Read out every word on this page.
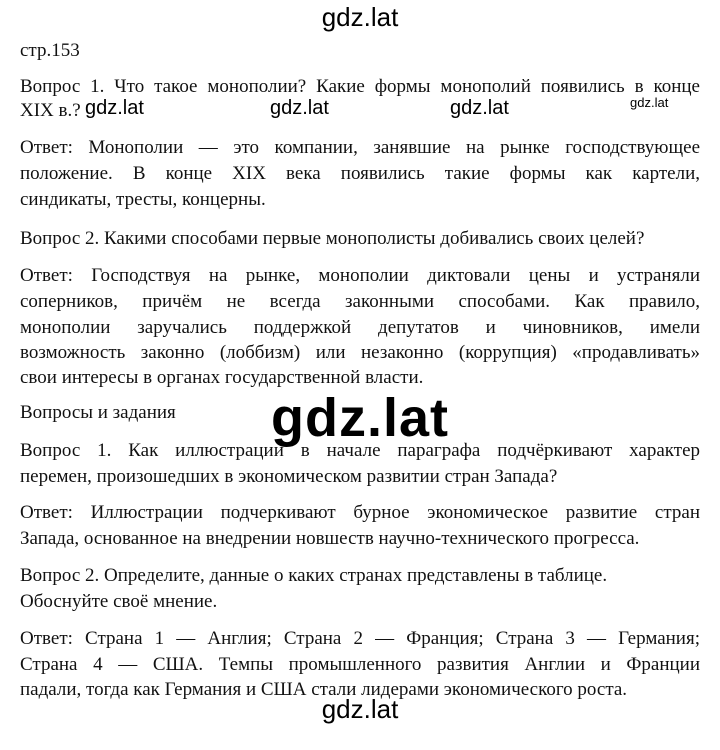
gdz.lat
стр.153
Вопрос 1. Что такое монополии? Какие формы монополий появились в конце
XIX в.? gdz.lat	gdz.lat	gdz.lat	gdz.lat
Ответ: Монополии — это компании, занявшие на рынке господствующее
положение. В конце XIX века появились такие формы как картели,
синдикаты, тресты, концерны.
Вопрос 2. Какими способами первые монополисты добивались своих целей?
Ответ: Господствуя на рынке, монополии диктовали цены и устраняли
соперников, причём не всегда законными способами. Как правило,
монополии заручались поддержкой депутатов и чиновников, имели
возможность законно (лоббизм) или незаконно (коррупция) «продавливать»
свои интересы в органах государственной власти.
Вопросы и задания
Вопрос 1. Как иллюстрации в начале параграфа подчёркивают характер
перемен, произошедших в экономическом развитии стран Запада?
Ответ: Иллюстрации подчеркивают бурное экономическое развитие стран
Запада, основанное на внедрении новшеств научно-технического прогресса.
Вопрос 2. Определите, данные о каких странах представлены в таблице.
Обоснуйте своё мнение.
Ответ: Страна 1 — Англия; Страна 2 — Франция; Страна 3 — Германия;
Страна 4 — США. Темпы промышленного развития Англии и Франции
падали, тогда как Германия и США стали лидерами экономического роста.
gdz.lat
gdz.lat
